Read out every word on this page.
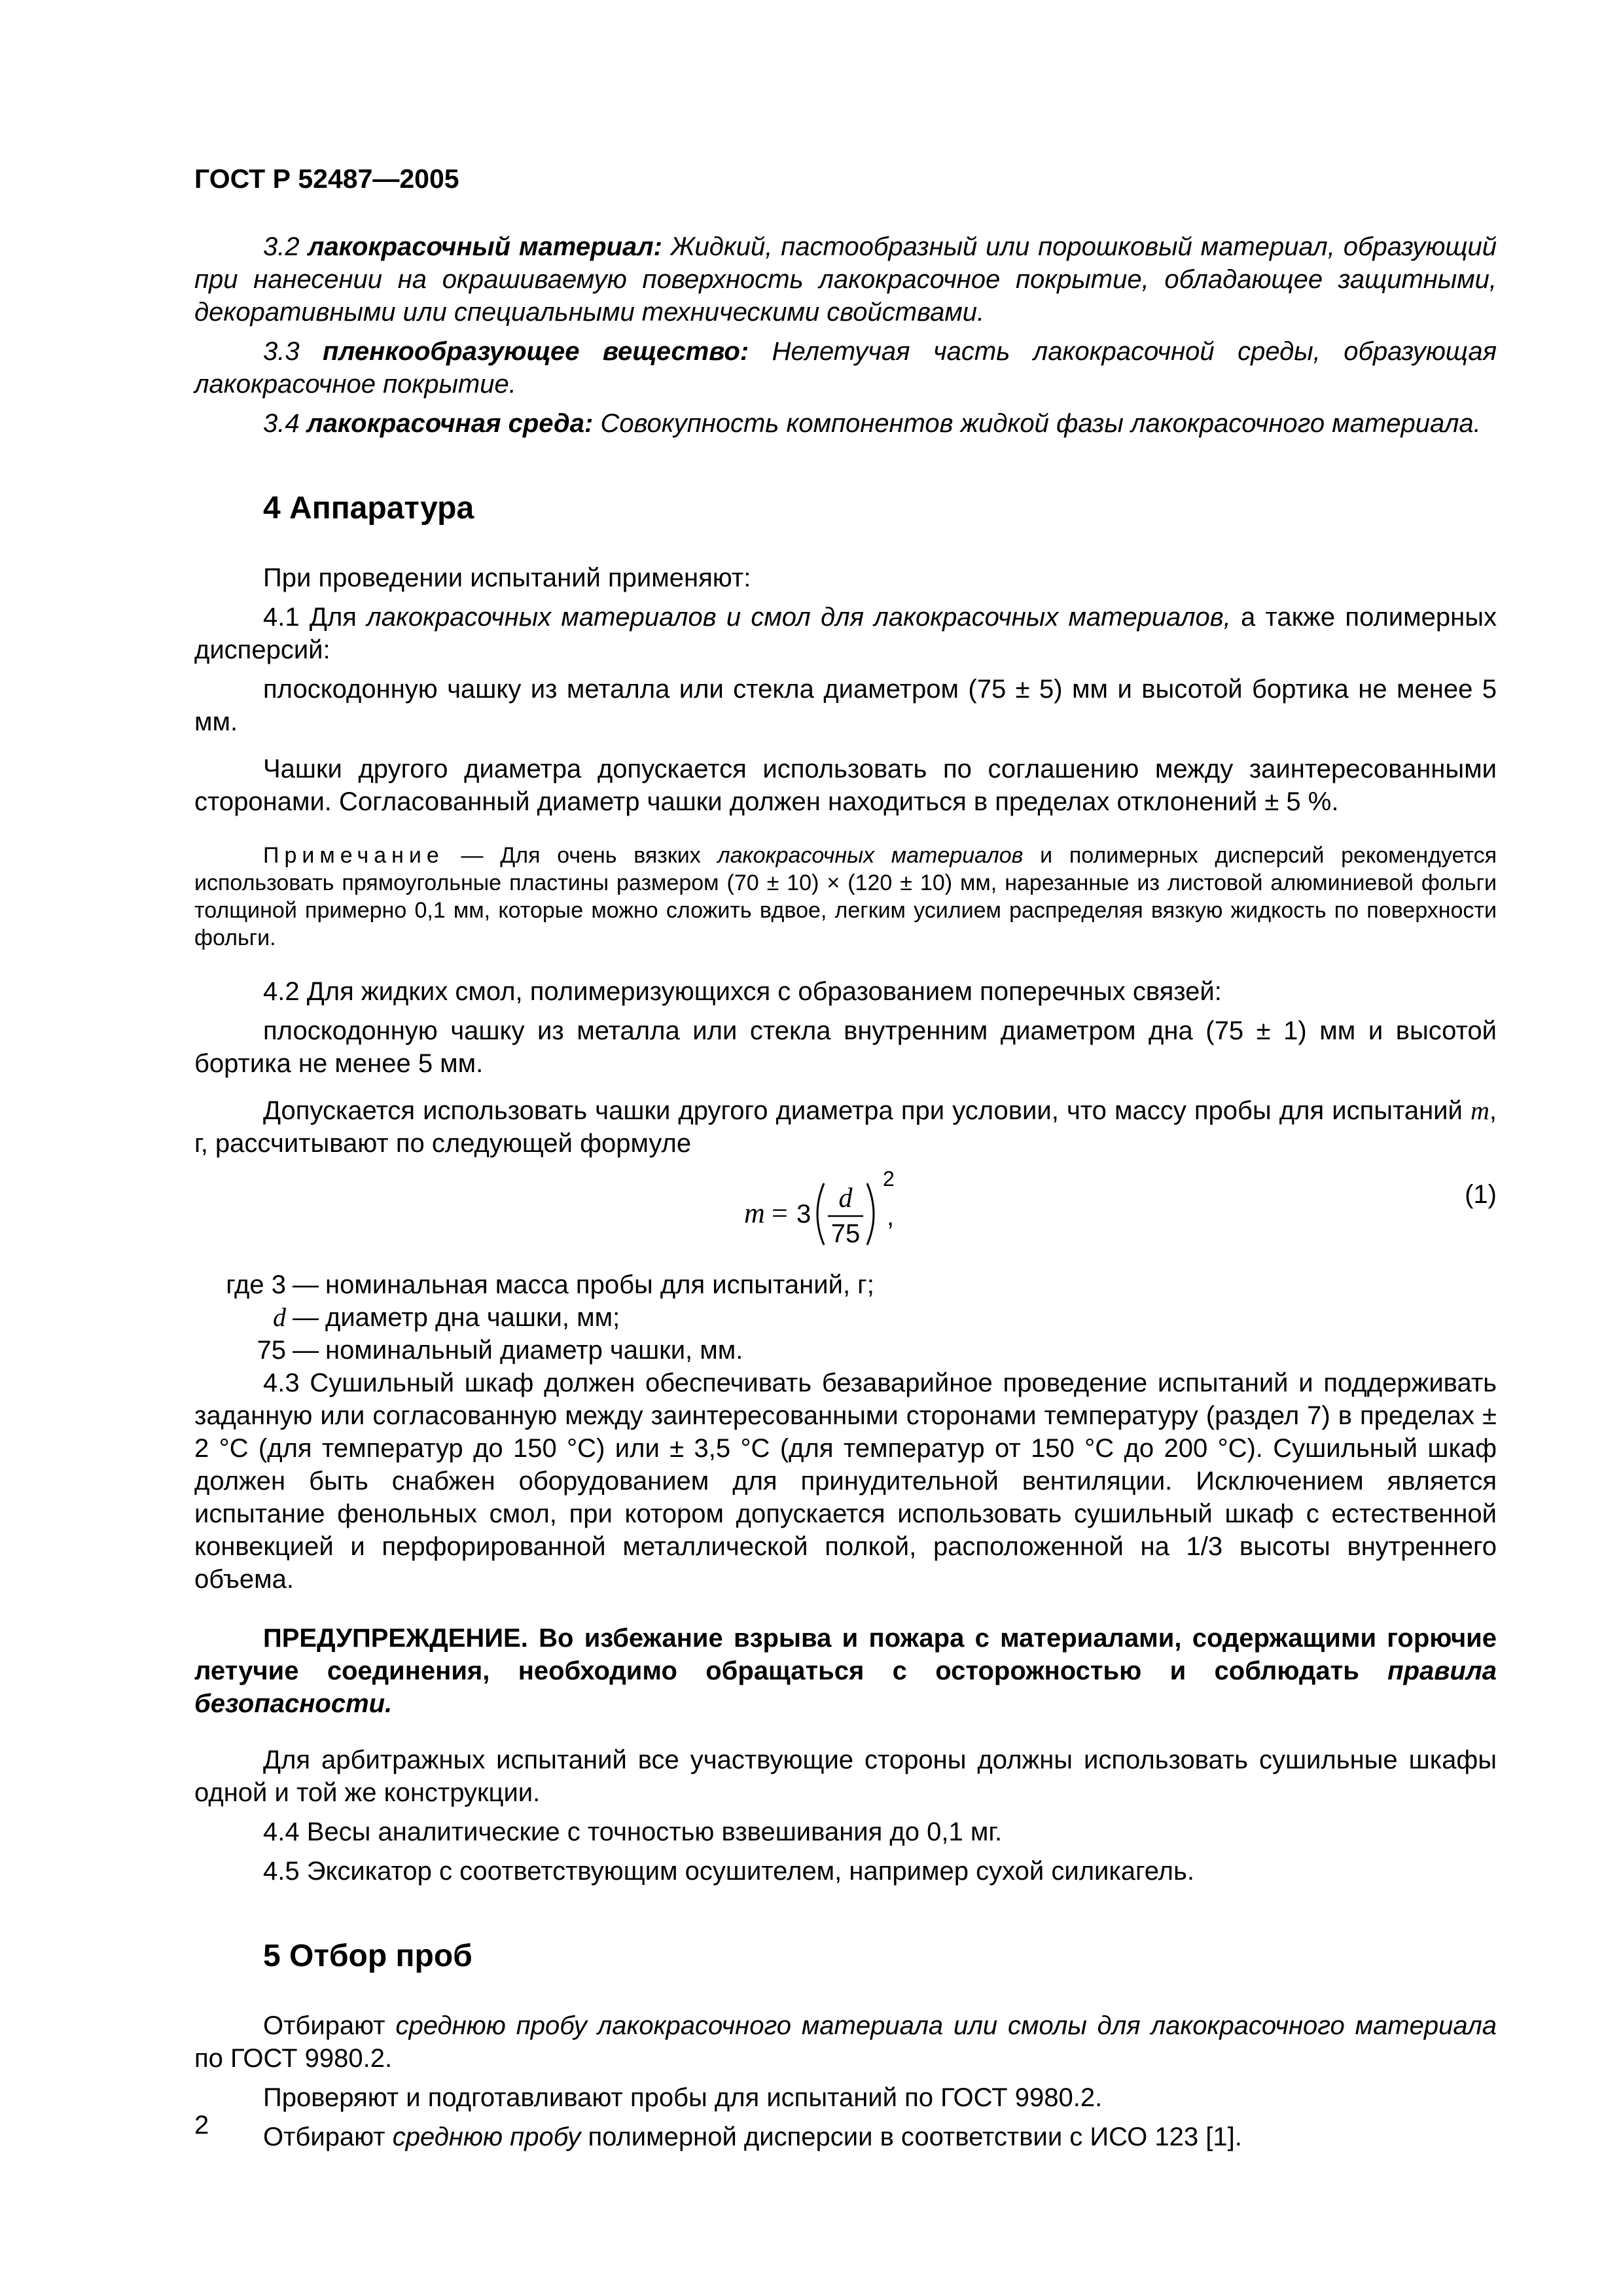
ГОСТ Р 52487—2005

3.2 лакокрасочный материал: Жидкий, пастообразный или порошковый материал, образующий при нанесении на окрашиваемую поверхность лакокрасочное покрытие, обладающее защитными, декоративными или специальными техническими свойствами.

3.3 пленкообразующее вещество: Нелетучая часть лакокрасочной среды, образующая лакокрасочное покрытие.

3.4 лакокрасочная среда: Совокупность компонентов жидкой фазы лакокрасочного материала.

4 Аппаратура

При проведении испытаний применяют:

4.1 Для лакокрасочных материалов и смол для лакокрасочных материалов, а также полимерных дисперсий:

плоскодонную чашку из металла или стекла диаметром (75 ± 5) мм и высотой бортика не менее 5 мм.

Чашки другого диаметра допускается использовать по соглашению между заинтересованными сторонами. Согласованный диаметр чашки должен находиться в пределах отклонений ± 5 %.

Примечание — Для очень вязких лакокрасочных материалов и полимерных дисперсий рекомендуется использовать прямоугольные пластины размером (70 ± 10) × (120 ± 10) мм, нарезанные из листовой алюминиевой фольги толщиной примерно 0,1 мм, которые можно сложить вдвое, легким усилием распределяя вязкую жидкость по поверхности фольги.

4.2 Для жидких смол, полимеризующихся с образованием поперечных связей:

плоскодонную чашку из металла или стекла внутренним диаметром дна (75 ± 1) мм и высотой бортика не менее 5 мм.

Допускается использовать чашки другого диаметра при условии, что массу пробы для испытаний m, г, рассчитывают по следующей формуле

m = 3
d
75
2
,
(1)
где 3 — номинальная масса пробы для испытаний, г;
d — диаметр дна чашки, мм;
75 — номинальный диаметр чашки, мм.

4.3 Сушильный шкаф должен обеспечивать безаварийное проведение испытаний и поддерживать заданную или согласованную между заинтересованными сторонами температуру (раздел 7) в пределах ± 2 °С (для температур до 150 °С) или ± 3,5 °С (для температур от 150 °С до 200 °С). Сушильный шкаф должен быть снабжен оборудованием для принудительной вентиляции. Исключением является испытание фенольных смол, при котором допускается использовать сушильный шкаф с естественной конвекцией и перфорированной металлической полкой, расположенной на 1/3 высоты внутреннего объема.

ПРЕДУПРЕЖДЕНИЕ. Во избежание взрыва и пожара с материалами, содержащими горючие летучие соединения, необходимо обращаться с осторожностью и соблюдать правила безопасности.

Для арбитражных испытаний все участвующие стороны должны использовать сушильные шкафы одной и той же конструкции.

4.4 Весы аналитические с точностью взвешивания до 0,1 мг.

4.5 Эксикатор с соответствующим осушителем, например сухой силикагель.

5 Отбор проб

Отбирают среднюю пробу лакокрасочного материала или смолы для лакокрасочного материала по ГОСТ 9980.2.

Проверяют и подготавливают пробы для испытаний по ГОСТ 9980.2.

Отбирают среднюю пробу полимерной дисперсии в соответствии с ИСО 123 [1].

2
